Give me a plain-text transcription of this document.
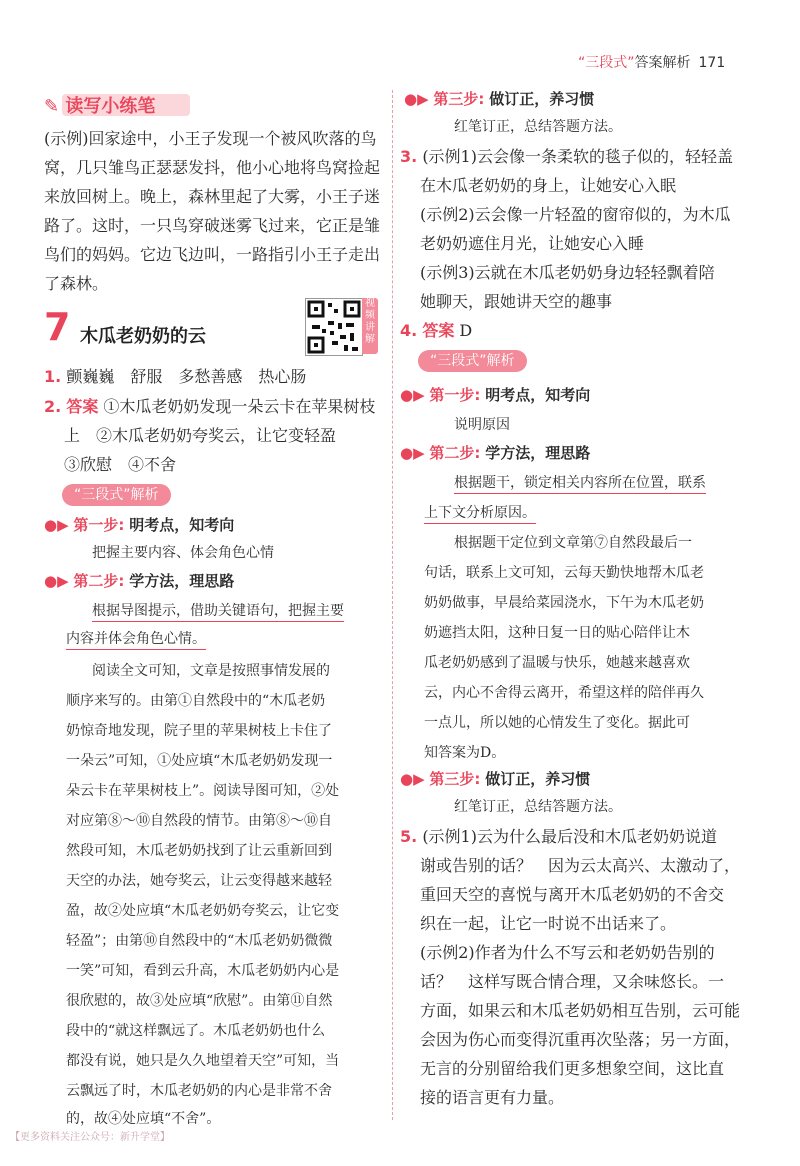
“三段式”答案解析 171
✎ 读写小练笔
(示例)回家途中，小王子发现一个被风吹落的鸟
窝，几只雏鸟正瑟瑟发抖，他小心地将鸟窝捡起
来放回树上。晚上，森林里起了大雾，小王子迷
路了。这时，一只鸟穿破迷雾飞过来，它正是雏
鸟们的妈妈。它边飞边叫，一路指引小王子走出
了森林。
7 木瓜老奶奶的云
视频讲解
1. 颤巍巍　舒服　多愁善感　热心肠
2. 答案 ①木瓜老奶奶发现一朵云卡在苹果树枝
上　②木瓜老奶奶夸奖云，让它变轻盈
③欣慰　④不舍
“三段式”解析
●▶ 第一步: 明考点，知考向
把握主要内容、体会角色心情
●▶ 第二步: 学方法，理思路
根据导图提示，借助关键语句，把握主要
内容并体会角色心情。
阅读全文可知，文章是按照事情发展的
顺序来写的。由第①自然段中的“木瓜老奶
奶惊奇地发现，院子里的苹果树枝上卡住了
一朵云”可知，①处应填“木瓜老奶奶发现一
朵云卡在苹果树枝上”。阅读导图可知，②处
对应第⑧～⑩自然段的情节。由第⑧～⑩自
然段可知，木瓜老奶奶找到了让云重新回到
天空的办法，她夸奖云，让云变得越来越轻
盈，故②处应填“木瓜老奶奶夸奖云，让它变
轻盈”；由第⑩自然段中的“木瓜老奶奶微微
一笑”可知，看到云升高，木瓜老奶奶内心是
很欣慰的，故③处应填“欣慰”。由第⑪自然
段中的“就这样飘远了。木瓜老奶奶也什么
都没有说，她只是久久地望着天空”可知，当
云飘远了时，木瓜老奶奶的内心是非常不舍
的，故④处应填“不舍”。
●▶ 第三步: 做订正，养习惯
红笔订正，总结答题方法。
3. (示例1)云会像一条柔软的毯子似的，轻轻盖
在木瓜老奶奶的身上，让她安心入眠
(示例2)云会像一片轻盈的窗帘似的，为木瓜
老奶奶遮住月光，让她安心入睡
(示例3)云就在木瓜老奶奶身边轻轻飘着陪
她聊天，跟她讲天空的趣事
4. 答案 D
“三段式”解析
●▶ 第一步: 明考点，知考向
说明原因
●▶ 第二步: 学方法，理思路
根据题干，锁定相关内容所在位置，联系
上下文分析原因。
根据题干定位到文章第⑦自然段最后一
句话，联系上文可知，云每天勤快地帮木瓜老
奶奶做事，早晨给菜园浇水，下午为木瓜老奶
奶遮挡太阳，这种日复一日的贴心陪伴让木
瓜老奶奶感到了温暖与快乐，她越来越喜欢
云，内心不舍得云离开，希望这样的陪伴再久
一点儿，所以她的心情发生了变化。据此可
知答案为D。
●▶ 第三步: 做订正，养习惯
红笔订正，总结答题方法。
5. (示例1)云为什么最后没和木瓜老奶奶说道
谢或告别的话？　因为云太高兴、太激动了，
重回天空的喜悦与离开木瓜老奶奶的不舍交
织在一起，让它一时说不出话来了。
(示例2)作者为什么不写云和老奶奶告别的
话？　这样写既合情合理，又余味悠长。一
方面，如果云和木瓜老奶奶相互告别，云可能
会因为伤心而变得沉重再次坠落；另一方面，
无言的分别留给我们更多想象空间，这比直
接的语言更有力量。
【更多资料关注公众号：新升学堂】
